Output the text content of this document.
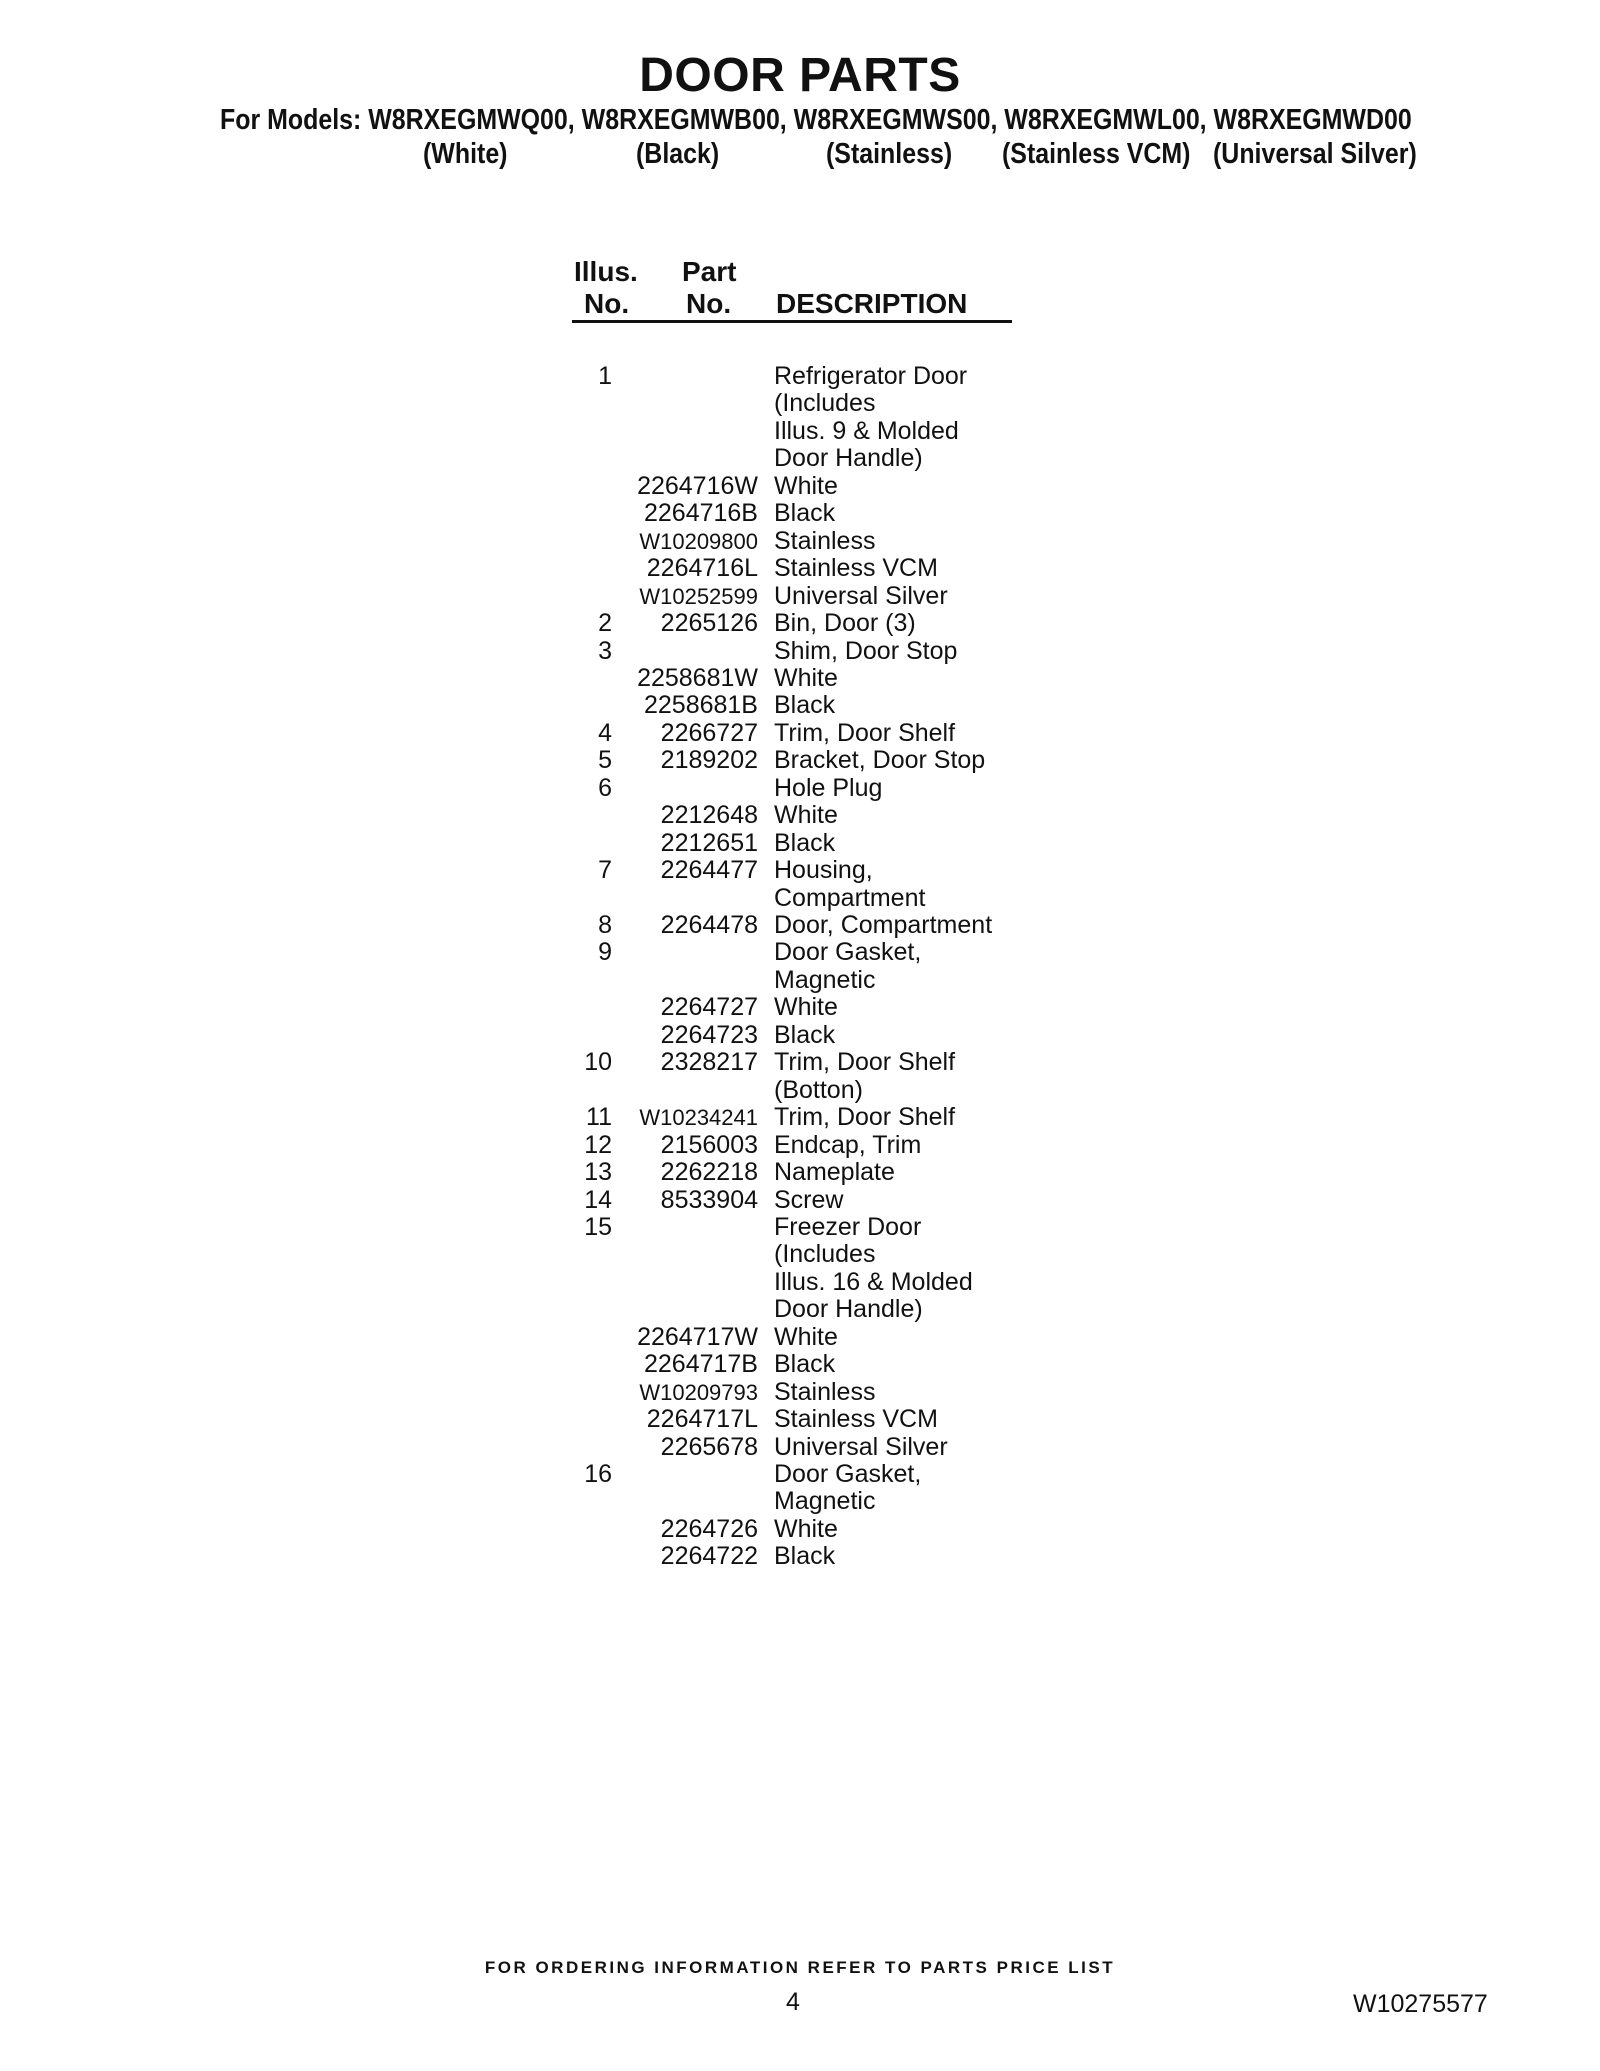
DOOR PARTS
For Models: W8RXEGMWQ00, W8RXEGMWB00, W8RXEGMWS00, W8RXEGMWL00, W8RXEGMWD00
(White)	(Black)	(Stainless) (Stainless VCM) (Universal Silver)
Illus.
No.
Part
No. DESCRIPTION
1	Refrigerator Door
(Includes
Illus. 9 & Molded
Door Handle)
2264716W White
2264716B Black
W10209800 Stainless
2264716L Stainless VCM
W10252599 Universal Silver
2 2265126 Bin, Door (3)
3	Shim, Door Stop
2258681W White
2258681B Black
4 2266727 Trim, Door Shelf
5 2189202 Bracket, Door Stop
6	Hole Plug
2212648 White
2212651 Black
7 2264477 Housing,
Compartment
8 2264478 Door, Compartment
9	Door Gasket,
Magnetic
2264727 White
2264723 Black
10 2328217 Trim, Door Shelf
(Botton)
11 W10234241 Trim, Door Shelf
12 2156003 Endcap, Trim
13 2262218 Nameplate
14 8533904 Screw
15	Freezer Door
(Includes
Illus. 16 & Molded
Door Handle)
2264717W White
2264717B Black
W10209793 Stainless
2264717L Stainless VCM
2265678 Universal Silver
16	Door Gasket,
Magnetic
2264726 White
2264722 Black
FOR ORDERING INFORMATION REFER TO PARTS PRICE LIST
4	W10275577
